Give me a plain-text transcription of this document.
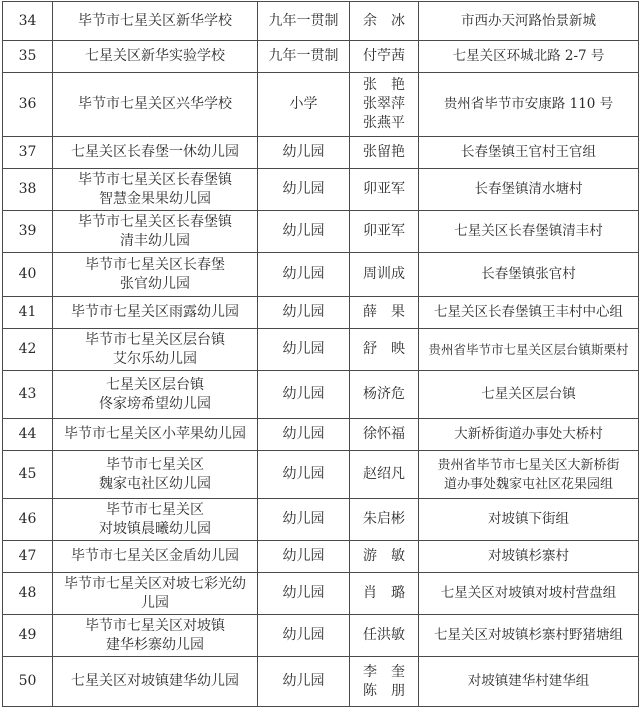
34	毕节市七星关区新华学校	九年一贯制	余　冰	市西办天河路怡景新城

35	七星关区新华实验学校	九年一贯制	付苧茜	七星关区环城北路 2-7 号

36	毕节市七星关区兴华学校	小学	张　艳
张翠萍
张燕平	贵州省毕节市安康路 110 号

37	七星关区长春堡一休幼儿园	幼儿园	张留艳	长春堡镇王官村王官组

38	毕节市七星关区长春堡镇
智慧金果果幼儿园	幼儿园	卯亚军	长春堡镇清水塘村

39	毕节市七星关区长春堡镇
清丰幼儿园	幼儿园	卯亚军	七星关区长春堡镇清丰村

40	毕节市七星关区长春堡
张官幼儿园	幼儿园	周训成	长春堡镇张官村

41	毕节市七星关区雨露幼儿园	幼儿园	薛　果	七星关区长春堡镇王丰村中心组

42	毕节市七星关区层台镇
艾尔乐幼儿园	幼儿园	舒　映	贵州省毕节市七星关区层台镇斯栗村

43	七星关区层台镇
佟家塝希望幼儿园	幼儿园	杨济危	七星关区层台镇

44	毕节市七星关区小苹果幼儿园	幼儿园	徐怀福	大新桥街道办事处大桥村

45	毕节市七星关区
魏家屯社区幼儿园	幼儿园	赵绍凡	贵州省毕节市七星关区大新桥街
道办事处魏家屯社区花果园组

46	毕节市七星关区
对坡镇晨曦幼儿园	幼儿园	朱启彬	对坡镇下街组

47	毕节市七星关区金盾幼儿园	幼儿园	游　敏	对坡镇杉寨村

48	毕节市七星关区对坡七彩光幼
儿园	幼儿园	肖　璐	七星关区对坡镇对坡村营盘组

49	毕节市七星关区对坡镇
建华杉寨幼儿园	幼儿园	任洪敏	七星关区对坡镇杉寨村野猪塘组

50	七星关区对坡镇建华幼儿园	幼儿园	李　奎
陈　朋	对坡镇建华村建华组
